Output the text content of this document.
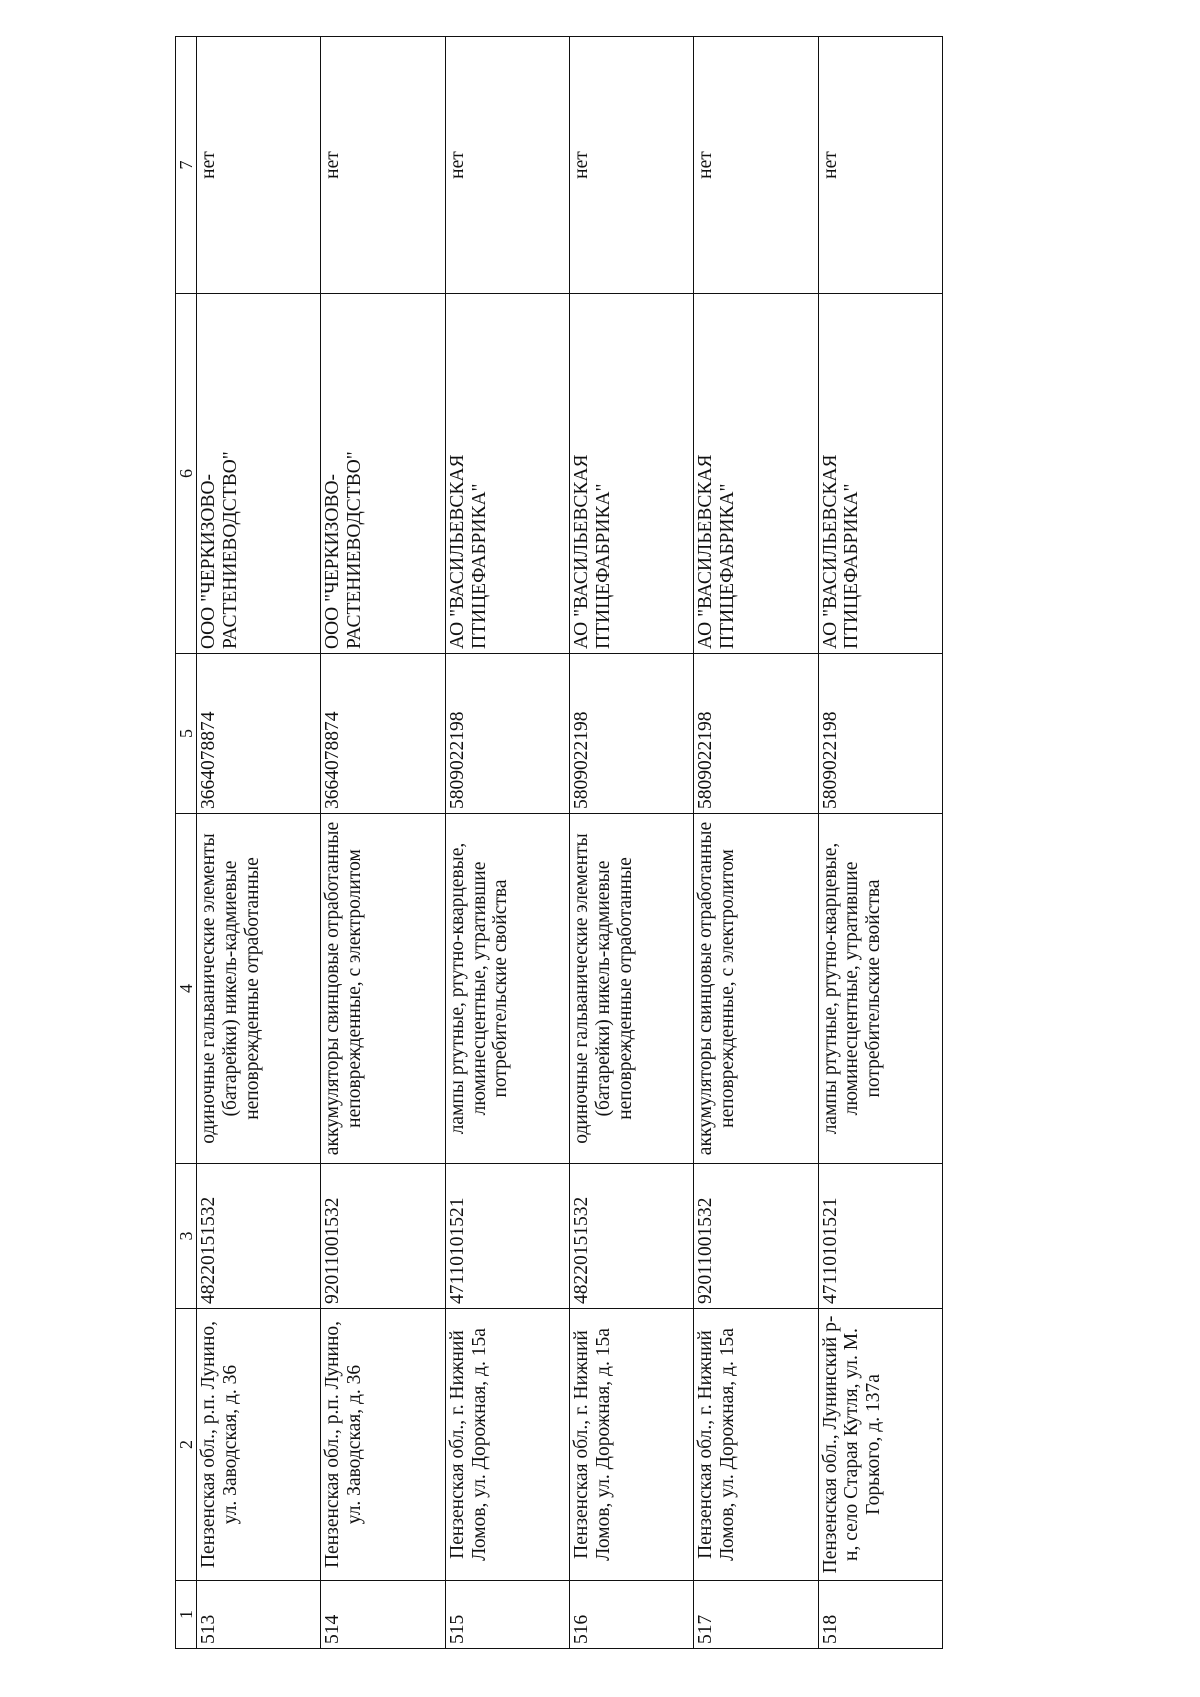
1	2	3	4	5	6	7
513	Пензенская обл., р.п. Лунино, ул. Заводская, д. 36	48220151532	одиночные гальванические элементы (батарейки) никель-кадмиевые неповрежденные отработанные	3664078874	ООО "ЧЕРКИЗОВО-РАСТЕНИЕВОДСТВО"	нет
514	Пензенская обл., р.п. Лунино, ул. Заводская, д. 36	92011001532	аккумуляторы свинцовые отработанные неповрежденные, с электролитом	3664078874	ООО "ЧЕРКИЗОВО-РАСТЕНИЕВОДСТВО"	нет
515	Пензенская обл., г. Нижний Ломов, ул. Дорожная, д. 15а	47110101521	лампы ртутные, ртутно-кварцевые, люминесцентные, утратившие потребительские свойства	5809022198	АО "ВАСИЛЬЕВСКАЯ ПТИЦЕФАБРИКА"	нет
516	Пензенская обл., г. Нижний Ломов, ул. Дорожная, д. 15а	48220151532	одиночные гальванические элементы (батарейки) никель-кадмиевые неповрежденные отработанные	5809022198	АО "ВАСИЛЬЕВСКАЯ ПТИЦЕФАБРИКА"	нет
517	Пензенская обл., г. Нижний Ломов, ул. Дорожная, д. 15а	92011001532	аккумуляторы свинцовые отработанные неповрежденные, с электролитом	5809022198	АО "ВАСИЛЬЕВСКАЯ ПТИЦЕФАБРИКА"	нет
518	Пензенская обл., Лунинский р-н, село Старая Кутля, ул. М. Горького, д. 137а	47110101521	лампы ртутные, ртутно-кварцевые, люминесцентные, утратившие потребительские свойства	5809022198	АО "ВАСИЛЬЕВСКАЯ ПТИЦЕФАБРИКА"	нет
